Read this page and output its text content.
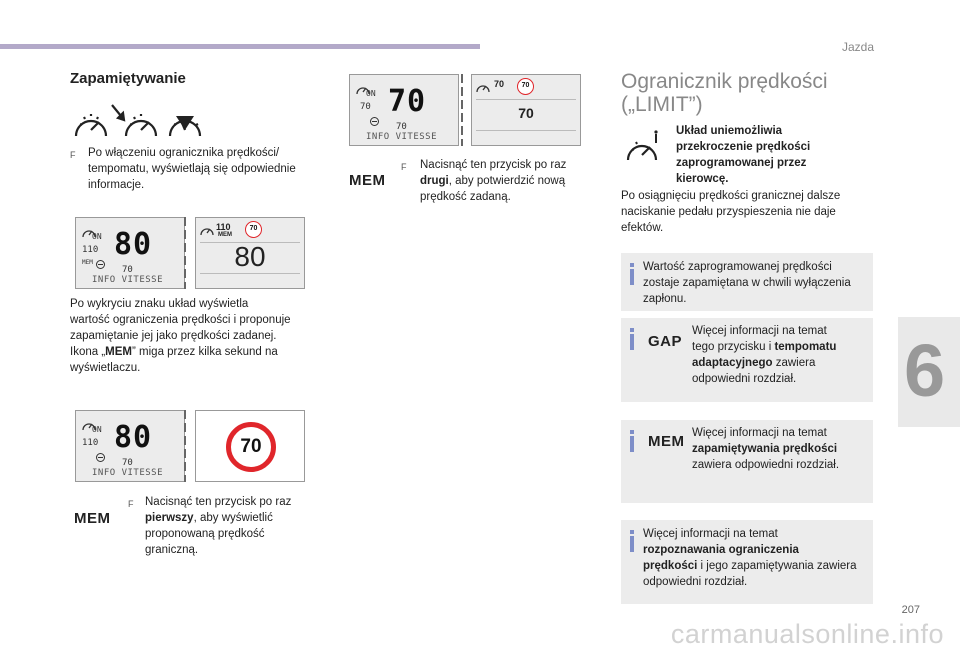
Jazda
6
207
carmanualsonline.info
Zapamiętywanie
F Po włączeniu ogranicznika prędkości/
tempomatu, wyświetlają się odpowiednie
informacje.
ON
110
MEM
80
70
INFO VITESSE
110
MEM
70
80
Po wykryciu znaku układ wyświetla
wartość ograniczenia prędkości i proponuje
zapamiętanie jej jako prędkości zadanej.
Ikona „MEM” miga przez kilka sekund na
wyświetlaczu.
ON
110 80
70
INFO VITESSE
70
MEM
F Nacisnąć ten przycisk po raz
pierwszy, aby wyświetlić
proponowaną prędkość
graniczną.
ON
70 70
70
INFO VITESSE
70	70
70
MEM
F Nacisnąć ten przycisk po raz
drugi, aby potwierdzić nową
prędkość zadaną.
Ogranicznik prędkości
(„LIMIT”)
Układ uniemożliwia
przekroczenie prędkości
zaprogramowanej przez
kierowcę.
Po osiągnięciu prędkości granicznej dalsze
naciskanie pedału przyspieszenia nie daje
efektów.
Wartość zaprogramowanej prędkości
zostaje zapamiętana w chwili wyłączenia
zapłonu.
GAP
Więcej informacji na temat
tego przycisku i tempomatu
adaptacyjnego zawiera
odpowiedni rozdział.
MEM Więcej informacji na temat
zapamiętywania prędkości
zawiera odpowiedni rozdział.
Więcej informacji na temat
rozpoznawania ograniczenia
prędkości i jego zapamiętywania zawiera
odpowiedni rozdział.
